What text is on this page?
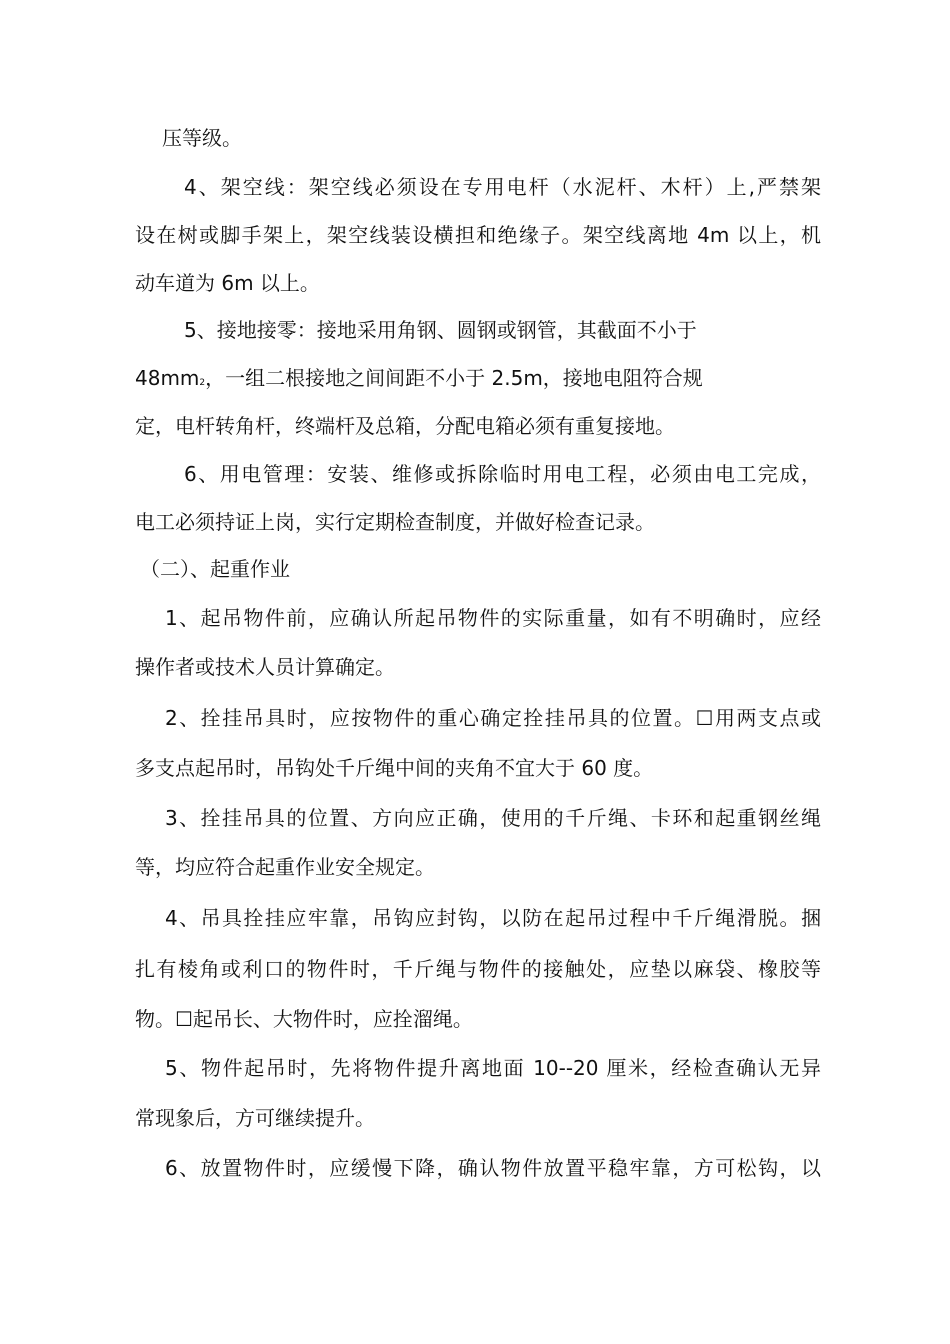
压等级。
4、架空线：架空线必须设在专用电杆（水泥杆、木杆）上,严禁架
设在树或脚手架上，架空线装设横担和绝缘子。架空线离地 4m 以上，机
动车道为 6m 以上。
5、接地接零：接地采用角钢、圆钢或钢管，其截面不小于
48mm2，一组二根接地之间间距不小于 2.5m，接地电阻符合规
定，电杆转角杆，终端杆及总箱，分配电箱必须有重复接地。
6、用电管理：安装、维修或拆除临时用电工程，必须由电工完成，
电工必须持证上岗，实行定期检查制度，并做好检查记录。
（二）、起重作业
1、起吊物件前，应确认所起吊物件的实际重量，如有不明确时，应经
操作者或技术人员计算确定。
2、拴挂吊具时，应按物件的重心确定拴挂吊具的位置。☐用两支点或
多支点起吊时，吊钩处千斤绳中间的夹角不宜大于 60 度。
3、拴挂吊具的位置、方向应正确，使用的千斤绳、卡环和起重钢丝绳
等，均应符合起重作业安全规定。
4、吊具拴挂应牢靠，吊钩应封钩，以防在起吊过程中千斤绳滑脱。捆
扎有棱角或利口的物件时，千斤绳与物件的接触处，应垫以麻袋、橡胶等
物。☐起吊长、大物件时，应拴溜绳。
5、物件起吊时，先将物件提升离地面 10--20 厘米，经检查确认无异
常现象后，方可继续提升。
6、放置物件时，应缓慢下降，确认物件放置平稳牢靠，方可松钩，以
